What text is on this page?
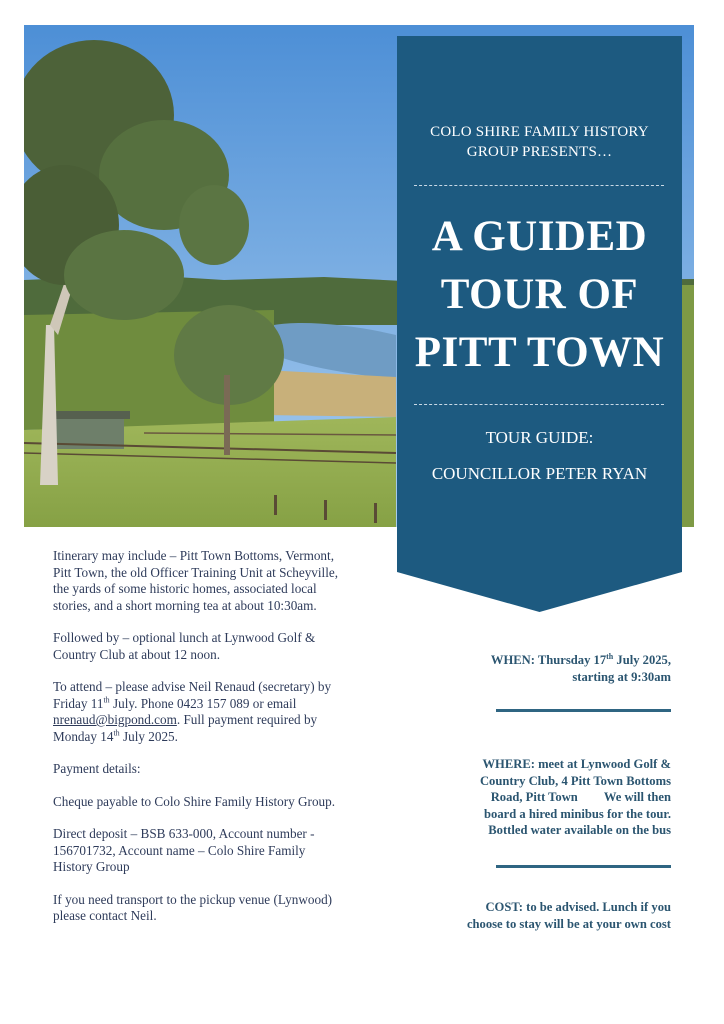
COLO SHIRE FAMILY HISTORY
GROUP PRESENTS…
A GUIDED
TOUR OF
PITT TOWN
TOUR GUIDE:
COUNCILLOR PETER RYAN

Itinerary may include – Pitt Town Bottoms, Vermont, Pitt Town, the old Officer Training Unit at Scheyville, the yards of some historic homes, associated local stories, and a short morning tea at about 10:30am.

Followed by – optional lunch at Lynwood Golf & Country Club at about 12 noon.

To attend – please advise Neil Renaud (secretary) by Friday 11th July. Phone 0423 157 089 or email nrenaud@bigpond.com. Full payment required by Monday 14th July 2025.

Payment details:

Cheque payable to Colo Shire Family History Group.

Direct deposit – BSB 633-000, Account number - 156701732, Account name – Colo Shire Family History Group

If you need transport to the pickup venue (Lynwood) please contact Neil.

WHEN: Thursday 17th July 2025,
starting at 9:30am
WHERE: meet at Lynwood Golf &
Country Club, 4 Pitt Town Bottoms
Road, Pitt Town We will then
board a hired minibus for the tour.
Bottled water available on the bus
COST: to be advised. Lunch if you
choose to stay will be at your own cost
